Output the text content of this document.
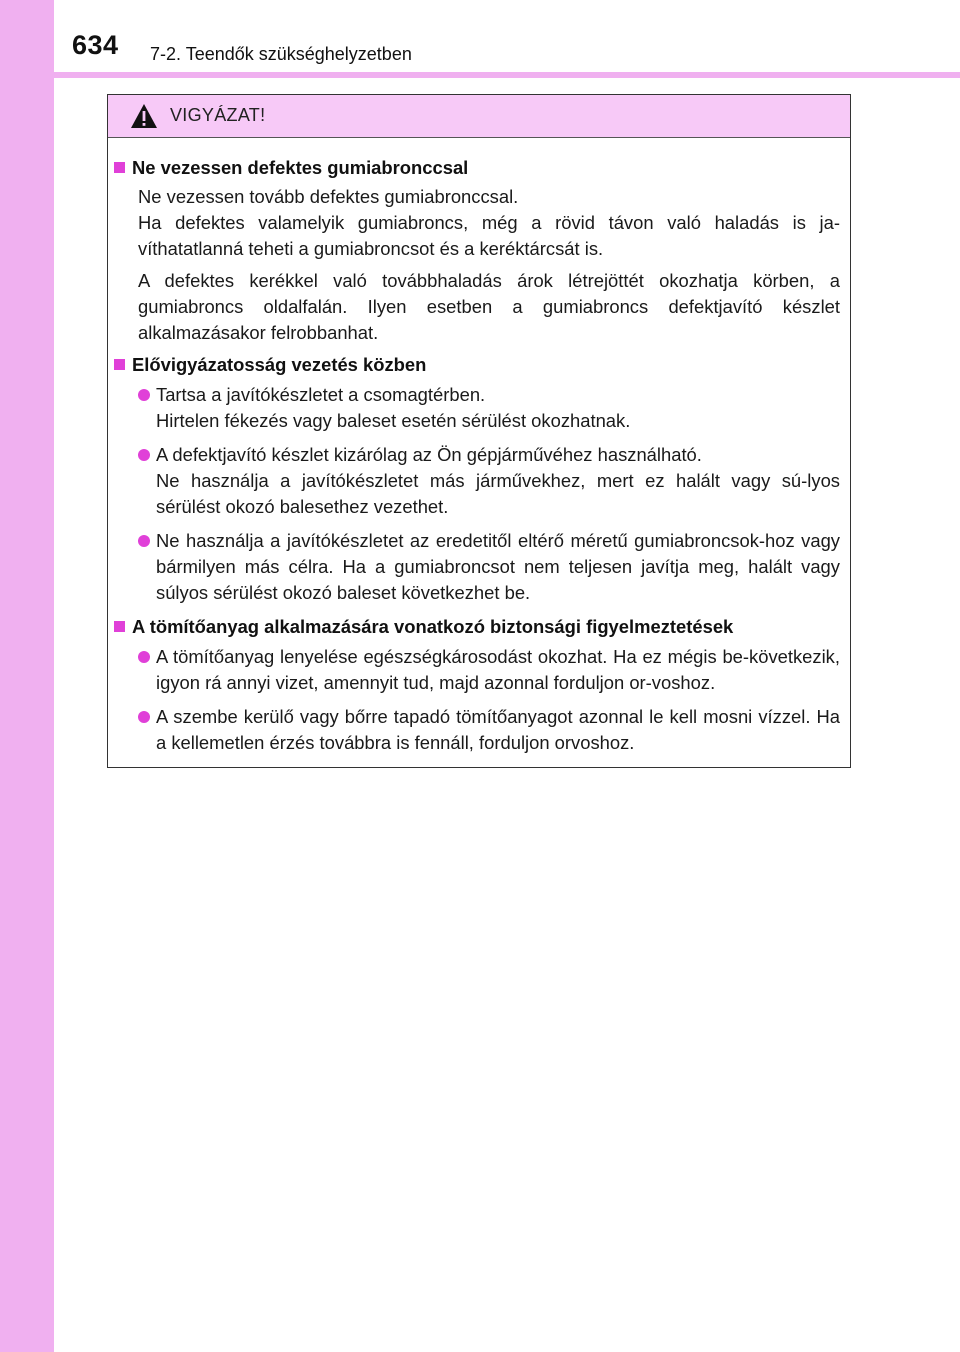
634 7-2. Teendők szükséghelyzetben
VIGYÁZAT!
Ne vezessen defektes gumiabronccsal
Ne vezessen tovább defektes gumiabronccsal.
Ha defektes valamelyik gumiabroncs, még a rövid távon való haladás is ja-víthatatlanná teheti a gumiabroncsot és a keréktárcsát is.
A defektes kerékkel való továbbhaladás árok létrejöttét okozhatja körben, a gumiabroncs oldalfalán. Ilyen esetben a gumiabroncs defektjavító készlet alkalmazásakor felrobbanhat.
Elővigyázatosság vezetés közben
Tartsa a javítókészletet a csomagtérben.
Hirtelen fékezés vagy baleset esetén sérülést okozhatnak.
A defektjavító készlet kizárólag az Ön gépjárművéhez használható.
Ne használja a javítókészletet más járművekhez, mert ez halált vagy sú-lyos sérülést okozó balesethez vezethet.
Ne használja a javítókészletet az eredetitől eltérő méretű gumiabroncsok-hoz vagy bármilyen más célra. Ha a gumiabroncsot nem teljesen javítja meg, halált vagy súlyos sérülést okozó baleset következhet be.
A tömítőanyag alkalmazására vonatkozó biztonsági figyelmeztetések
A tömítőanyag lenyelése egészségkárosodást okozhat. Ha ez mégis be-következik, igyon rá annyi vizet, amennyit tud, majd azonnal forduljon or-voshoz.
A szembe kerülő vagy bőrre tapadó tömítőanyagot azonnal le kell mosni vízzel. Ha a kellemetlen érzés továbbra is fennáll, forduljon orvoshoz.
